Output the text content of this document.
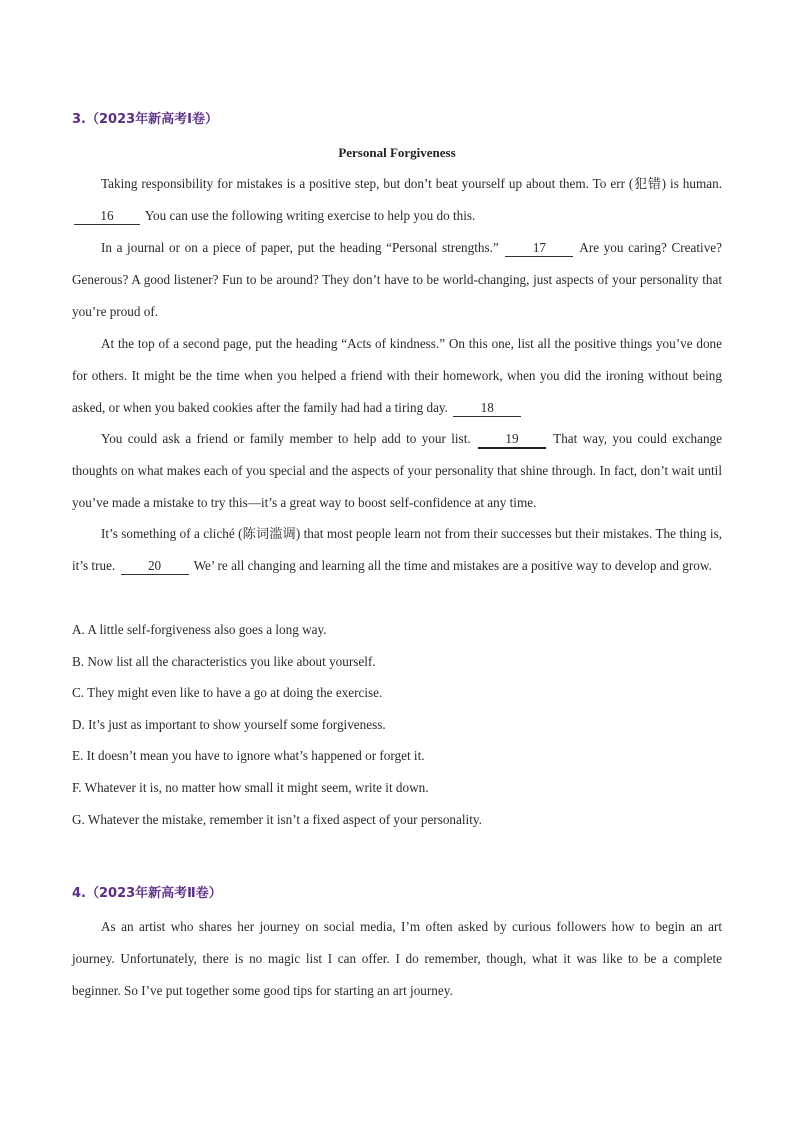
3.（2023年新高考Ⅰ卷）
Personal Forgiveness

Taking responsibility for mistakes is a positive step, but don’t beat yourself up about them. To err (犯错) is human. 16 You can use the following writing exercise to help you do this.

In a journal or on a piece of paper, put the heading “Personal strengths.”	17	Are you caring? Creative? Generous? A good listener? Fun to be around? They don’t have to be world-changing, just aspects of your personality that you’re proud of.

At the top of a second page, put the heading “Acts of kindness.” On this one, list all the positive things you’ve done for others. It might be the time when you helped a friend with their homework, when you did the ironing without being asked, or when you baked cookies after the family had had a tiring day. 18

You could ask a friend or family member to help add to your list.	19	That way, you could exchange thoughts on what makes each of you special and the aspects of your personality that shine through. In fact, don’t wait until you’ve made a mistake to try this—it’s a great way to boost self-confidence at any time.

It’s something of a cliché (陈词滥调) that most people learn not from their successes but their mistakes. The thing is, it’s true. 20 We’ re all changing and learning all the time and mistakes are a positive way to develop and grow.

A. A little self-forgiveness also goes a long way.
B. Now list all the characteristics you like about yourself.
C. They might even like to have a go at doing the exercise.
D. It’s just as important to show yourself some forgiveness.
E. It doesn’t mean you have to ignore what’s happened or forget it.
F. Whatever it is, no matter how small it might seem, write it down.
G. Whatever the mistake, remember it isn’t a fixed aspect of your personality.
4.（2023年新高考Ⅱ卷）

As an artist who shares her journey on social media, I’m often asked by curious followers how to begin an art journey. Unfortunately, there is no magic list I can offer. I do remember, though, what it was like to be a complete beginner. So I’ve put together some good tips for starting an art journey.
